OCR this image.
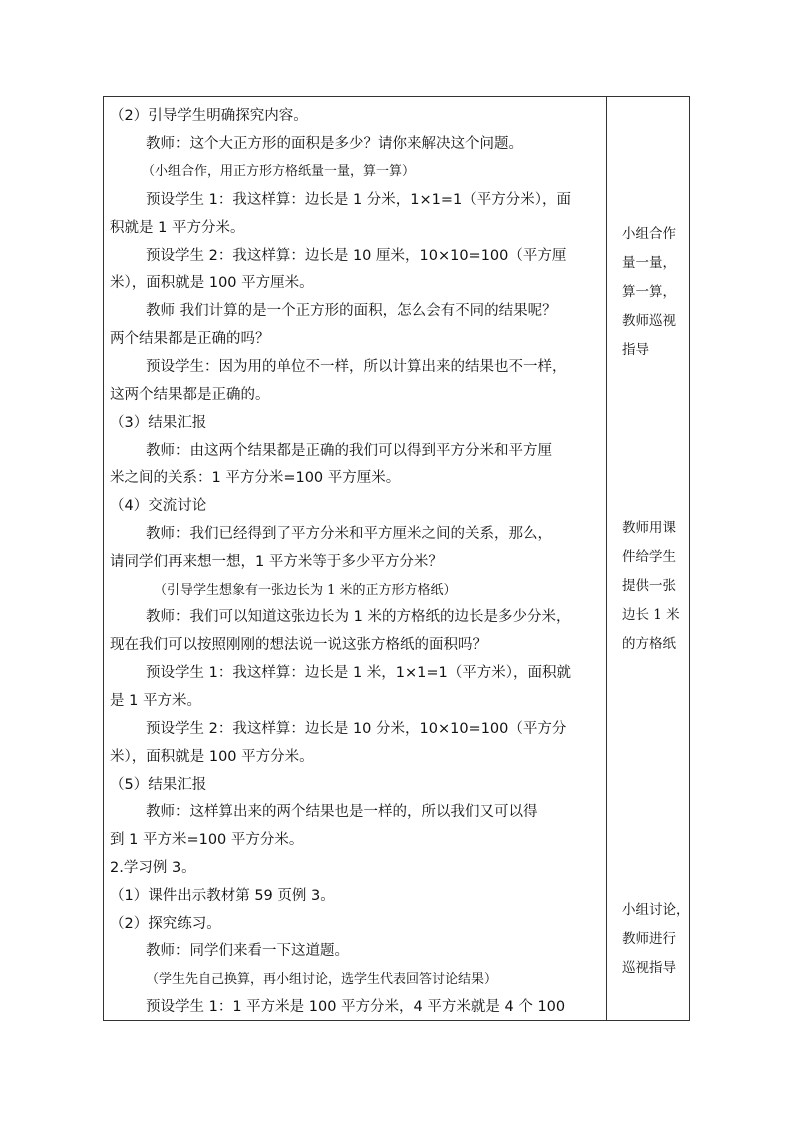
（2）引导学生明确探究内容。
教师：这个大正方形的面积是多少？请你来解决这个问题。
（小组合作，用正方形方格纸量一量，算一算）
预设学生 1：我这样算：边长是 1 分米，1×1=1（平方分米），面
积就是 1 平方分米。
预设学生 2：我这样算：边长是 10 厘米，10×10=100（平方厘
米），面积就是 100 平方厘米。
教师 我们计算的是一个正方形的面积，怎么会有不同的结果呢？
两个结果都是正确的吗？
预设学生：因为用的单位不一样，所以计算出来的结果也不一样，
这两个结果都是正确的。
（3）结果汇报
教师：由这两个结果都是正确的我们可以得到平方分米和平方厘
米之间的关系：1 平方分米=100 平方厘米。
（4）交流讨论
教师：我们已经得到了平方分米和平方厘米之间的关系，那么，
请同学们再来想一想，1 平方米等于多少平方分米？
（引导学生想象有一张边长为 1 米的正方形方格纸）
教师：我们可以知道这张边长为 1 米的方格纸的边长是多少分米，
现在我们可以按照刚刚的想法说一说这张方格纸的面积吗？
预设学生 1：我这样算：边长是 1 米，1×1=1（平方米），面积就
是 1 平方米。
预设学生 2：我这样算：边长是 10 分米，10×10=100（平方分
米），面积就是 100 平方分米。
（5）结果汇报
教师：这样算出来的两个结果也是一样的，所以我们又可以得
到 1 平方米=100 平方分米。
2.学习例 3。
（1）课件出示教材第 59 页例 3。
（2）探究练习。
教师：同学们来看一下这道题。
（学生先自己换算，再小组讨论，选学生代表回答讨论结果）
预设学生 1：1 平方米是 100 平方分米，4 平方米就是 4 个 100
小组合作
量一量，
算一算，
教师巡视
指导
教师用课
件给学生
提供一张
边长 1 米
的方格纸
小组讨论，
教师进行
巡视指导
